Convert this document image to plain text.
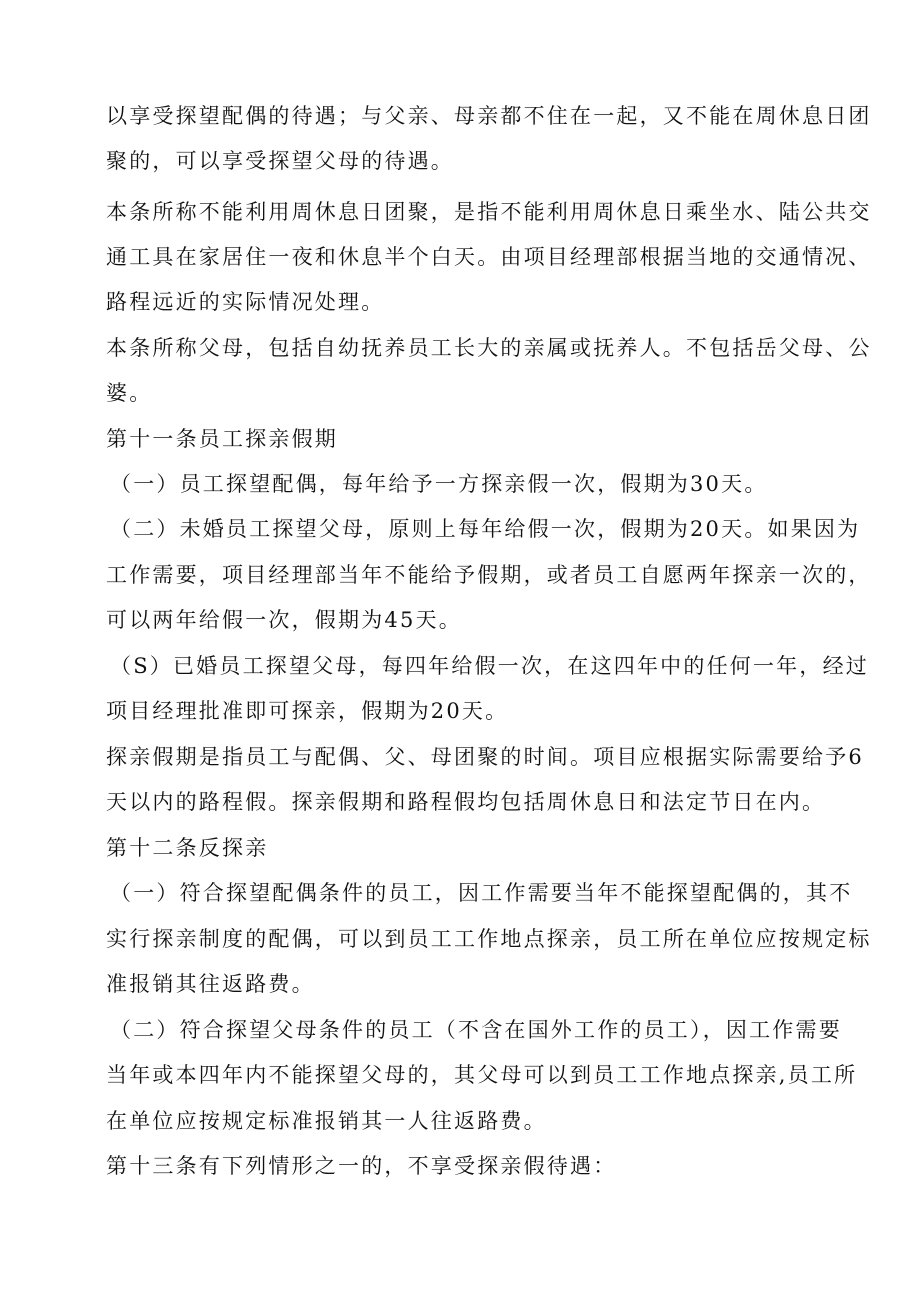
以享受探望配偶的待遇；与父亲、母亲都不住在一起，又不能在周休息日团
聚的，可以享受探望父母的待遇。
本条所称不能利用周休息日团聚，是指不能利用周休息日乘坐水、陆公共交
通工具在家居住一夜和休息半个白天。由项目经理部根据当地的交通情况、
路程远近的实际情况处理。
本条所称父母，包括自幼抚养员工长大的亲属或抚养人。不包括岳父母、公
婆。
第十一条员工探亲假期
（一）员工探望配偶，每年给予一方探亲假一次，假期为30天。
（二）未婚员工探望父母，原则上每年给假一次，假期为20天。如果因为
工作需要，项目经理部当年不能给予假期，或者员工自愿两年探亲一次的，
可以两年给假一次，假期为45天。
（S）已婚员工探望父母，每四年给假一次，在这四年中的任何一年，经过
项目经理批准即可探亲，假期为20天。
探亲假期是指员工与配偶、父、母团聚的时间。项目应根据实际需要给予6
天以内的路程假。探亲假期和路程假均包括周休息日和法定节日在内。
第十二条反探亲
（一）符合探望配偶条件的员工，因工作需要当年不能探望配偶的，其不
实行探亲制度的配偶，可以到员工工作地点探亲，员工所在单位应按规定标
准报销其往返路费。
（二）符合探望父母条件的员工（不含在国外工作的员工），因工作需要
当年或本四年内不能探望父母的，其父母可以到员工工作地点探亲,员工所
在单位应按规定标准报销其一人往返路费。
第十三条有下列情形之一的，不享受探亲假待遇：
